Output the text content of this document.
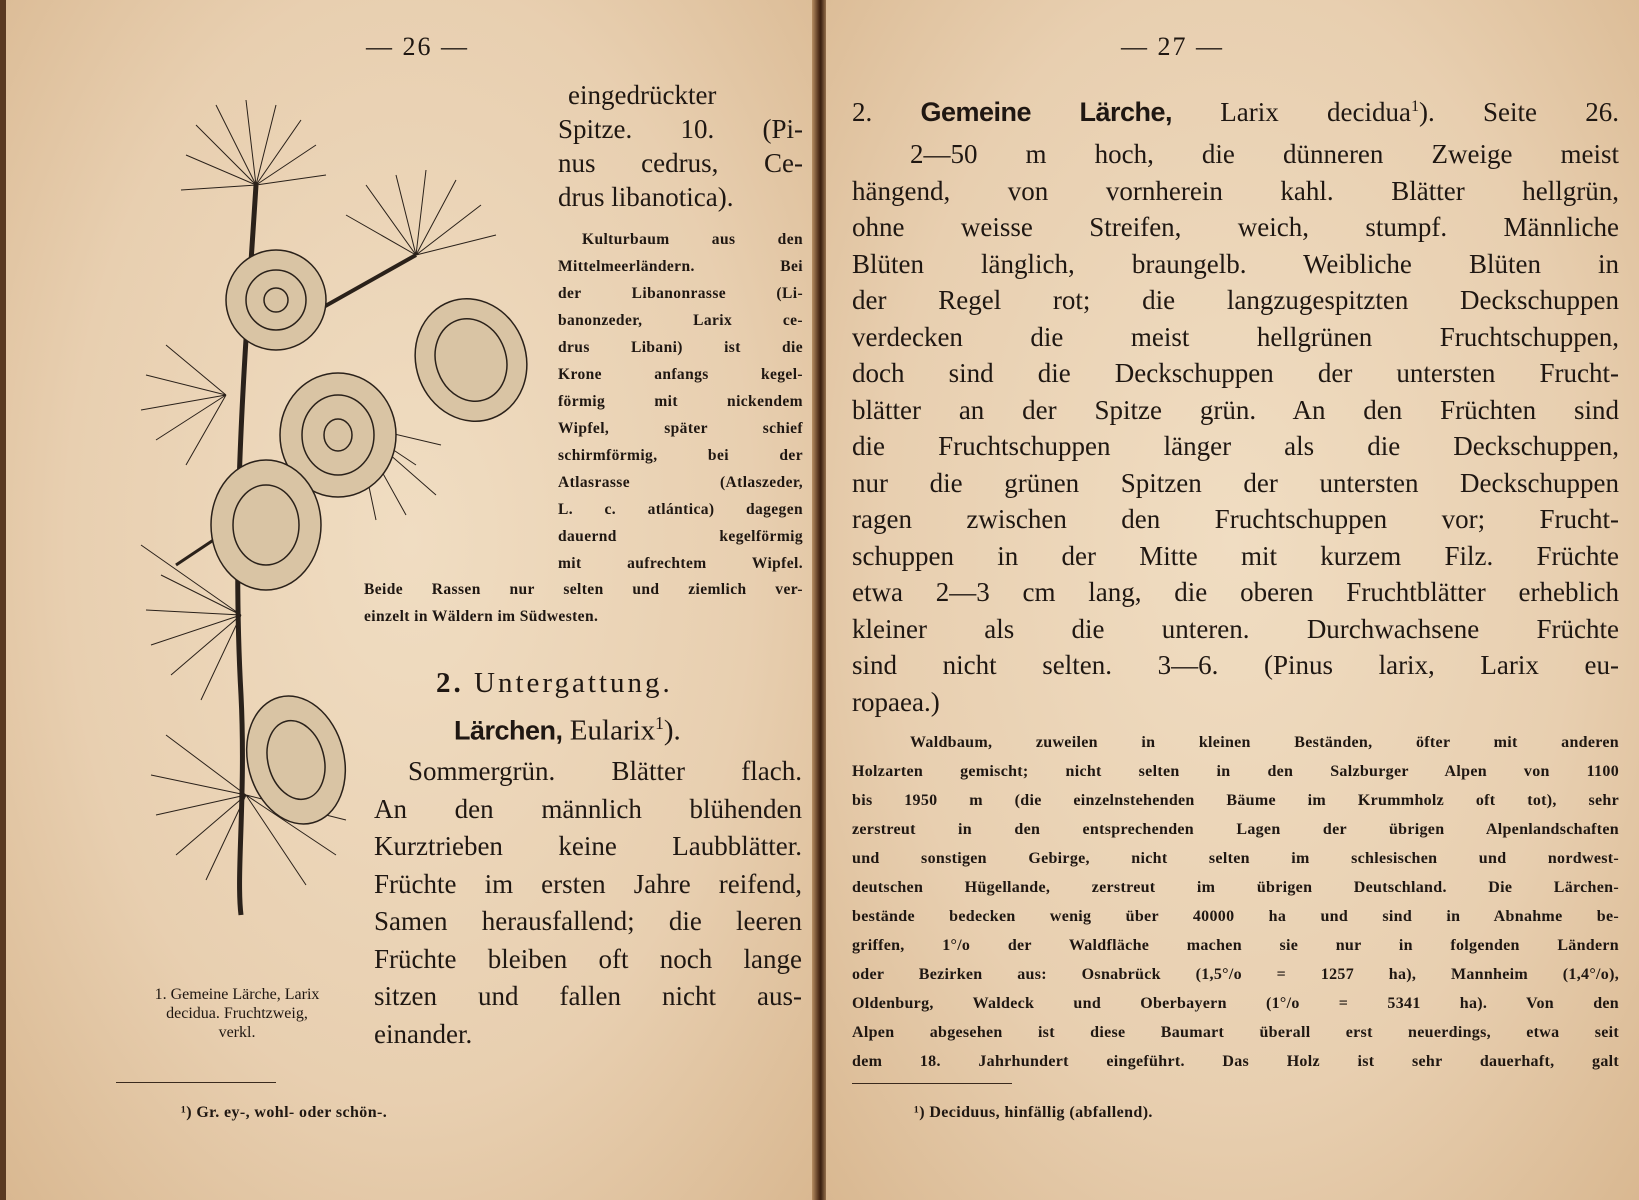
— 26 —
eingedrückter
Spitze. 10. (Pi-
nus cedrus, Ce-
drus libanotica).
Kulturbaum aus den
Mittelmeerländern. Bei
der Libanonrasse (Li-
banonzeder, Larix ce-
drus Libani) ist die
Krone anfangs kegel-
förmig mit nickendem
Wipfel, später schief
schirmförmig, bei der
Atlasrasse (Atlaszeder,
L. c. atlántica) dagegen
dauernd kegelförmig
mit aufrechtem Wipfel.
Beide Rassen nur selten und ziemlich ver-
einzelt in Wäldern im Südwesten.
2. Untergattung.
Lärchen, Eularix$^1$).
Sommergrün. Blätter flach.
An den männlich blühenden
Kurztrieben keine Laubblätter.
Früchte im ersten Jahre reifend,
Samen herausfallend; die leeren
Früchte bleiben oft noch lange
sitzen und fallen nicht aus-
einander.
1. Gemeine Lärche, Larix
decidua. Fruchtzweig,
verkl.
¹) Gr. ey-, wohl- oder schön-.
— 27 —
2. Gemeine Lärche, Larix decidua$^1$). Seite 26.
2—50 m hoch, die dünneren Zweige meist
hängend, von vornherein kahl. Blätter hellgrün,
ohne weisse Streifen, weich, stumpf. Männliche
Blüten länglich, braungelb. Weibliche Blüten in
der Regel rot; die langzugespitzten Deckschuppen
verdecken die meist hellgrünen Fruchtschuppen,
doch sind die Deckschuppen der untersten Frucht-
blätter an der Spitze grün. An den Früchten sind
die Fruchtschuppen länger als die Deckschuppen,
nur die grünen Spitzen der untersten Deckschuppen
ragen zwischen den Fruchtschuppen vor; Frucht-
schuppen in der Mitte mit kurzem Filz. Früchte
etwa 2—3 cm lang, die oberen Fruchtblätter erheblich
kleiner als die unteren. Durchwachsene Früchte
sind nicht selten. 3—6. (Pinus larix, Larix eu-
ropaea.)
Waldbaum, zuweilen in kleinen Beständen, öfter mit anderen
Holzarten gemischt; nicht selten in den Salzburger Alpen von 1100
bis 1950 m (die einzelnstehenden Bäume im Krummholz oft tot), sehr
zerstreut in den entsprechenden Lagen der übrigen Alpenlandschaften
und sonstigen Gebirge, nicht selten im schlesischen und nordwest-
deutschen Hügellande, zerstreut im übrigen Deutschland. Die Lärchen-
bestände bedecken wenig über 40000 ha und sind in Abnahme be-
griffen, 1°/o der Waldfläche machen sie nur in folgenden Ländern
oder Bezirken aus: Osnabrück (1,5°/o = 1257 ha), Mannheim (1,4°/o),
Oldenburg, Waldeck und Oberbayern (1°/o = 5341 ha). Von den
Alpen abgesehen ist diese Baumart überall erst neuerdings, etwa seit
dem 18. Jahrhundert eingeführt. Das Holz ist sehr dauerhaft, galt
¹) Deciduus, hinfällig (abfallend).
